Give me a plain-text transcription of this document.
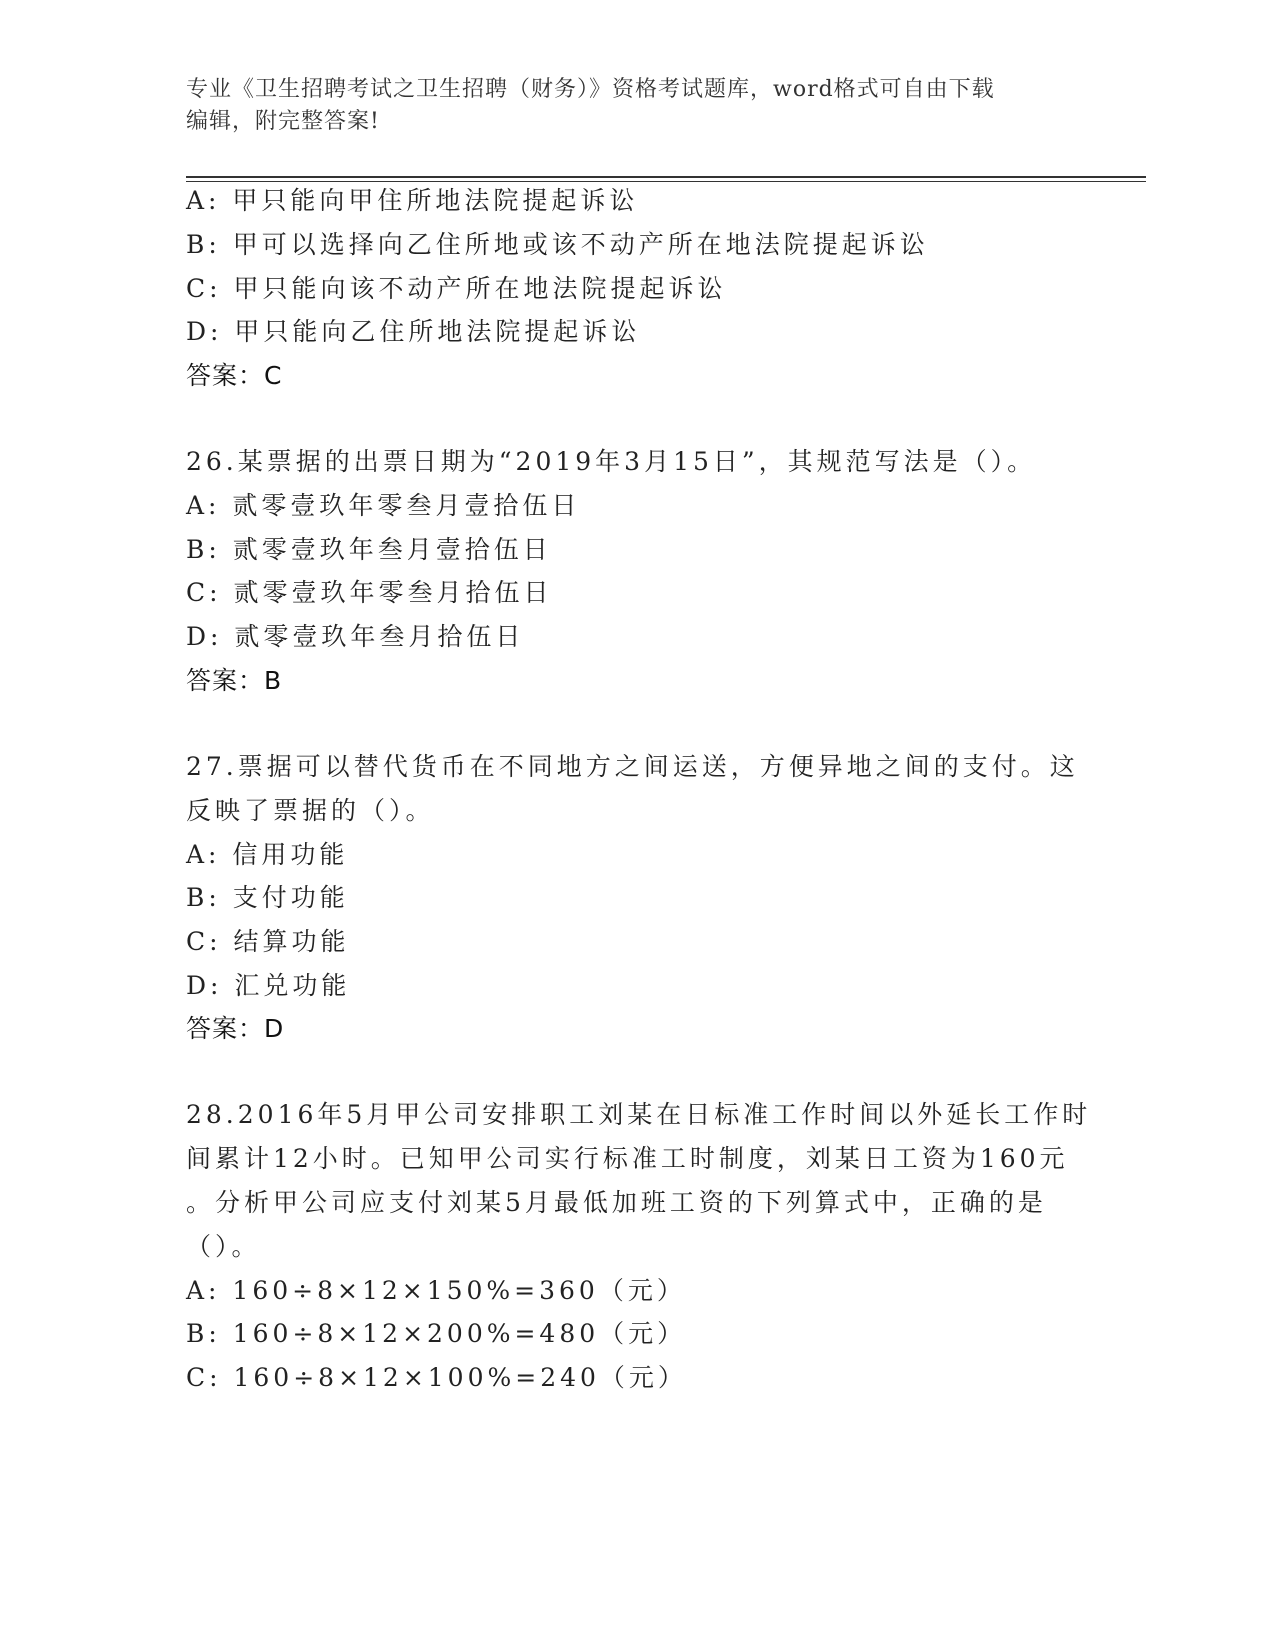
专业《卫生招聘考试之卫生招聘（财务）》资格考试题库，word格式可自由下载
编辑，附完整答案!
A: 甲只能向甲住所地法院提起诉讼
B: 甲可以选择向乙住所地或该不动产所在地法院提起诉讼
C: 甲只能向该不动产所在地法院提起诉讼
D: 甲只能向乙住所地法院提起诉讼
答案：C
26.某票据的出票日期为“2019年3月15日”，其规范写法是（）。
A: 贰零壹玖年零叁月壹拾伍日
B: 贰零壹玖年叁月壹拾伍日
C: 贰零壹玖年零叁月拾伍日
D: 贰零壹玖年叁月拾伍日
答案：B
27.票据可以替代货币在不同地方之间运送，方便异地之间的支付。这
反映了票据的（）。
A: 信用功能
B: 支付功能
C: 结算功能
D: 汇兑功能
答案：D
28.2016年5月甲公司安排职工刘某在日标准工作时间以外延长工作时
间累计12小时。已知甲公司实行标准工时制度，刘某日工资为160元
。分析甲公司应支付刘某5月最低加班工资的下列算式中，正确的是
（）。
A: 160÷8×12×150%=360（元）
B: 160÷8×12×200%=480（元）
C: 160÷8×12×100%=240（元）
